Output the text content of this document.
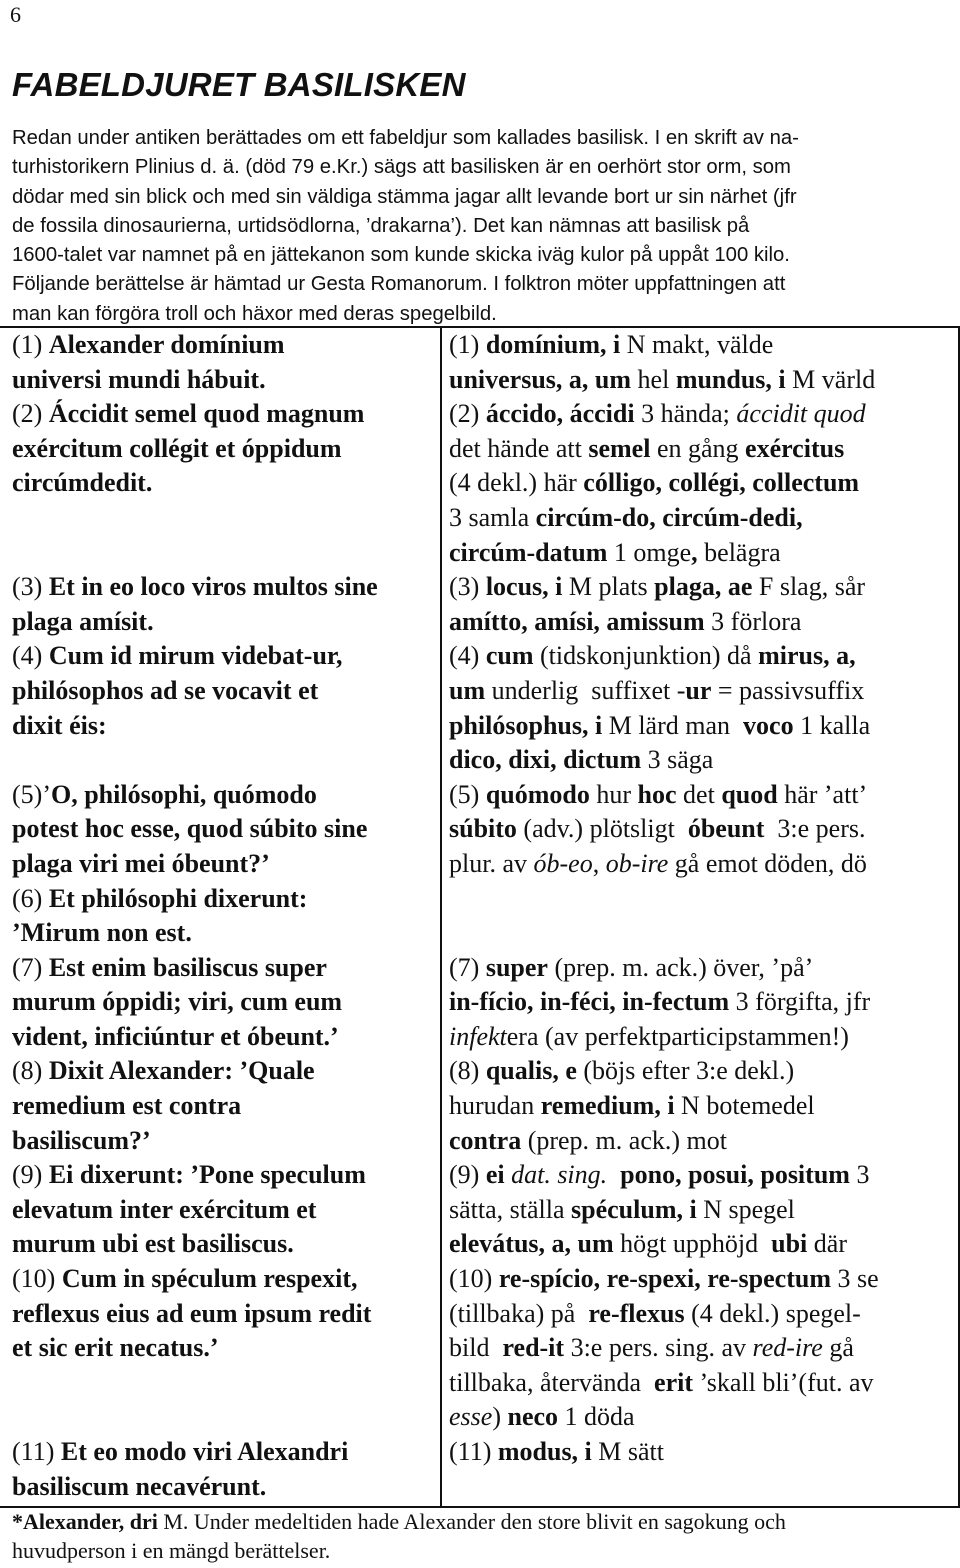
6
FABELDJURET BASILISKEN
Redan under antiken berättades om ett fabeldjur som kallades basilisk. I en skrift av na-
turhistorikern Plinius d. ä. (död 79 e.Kr.) sägs att basilisken är en oerhört stor orm, som
dödar med sin blick och med sin väldiga stämma jagar allt levande bort ur sin närhet (jfr
de fossila dinosaurierna, urtidsödlorna, ’drakarna’). Det kan nämnas att basilisk på
1600-talet var namnet på en jättekanon som kunde skicka iväg kulor på uppåt 100 kilo.
Följande berättelse är hämtad ur Gesta Romanorum. I folktron möter uppfattningen att
man kan förgöra troll och häxor med deras spegelbild.
(1) Alexander domínium
universi mundi hábuit.
(2) Áccidit semel quod magnum
exércitum collégit et óppidum
circúmdedit.
(3) Et in eo loco viros multos sine
plaga amísit.
(4) Cum id mirum videbat-ur,
philósophos ad se vocavit et
dixit éis:
(5)’O, philósophi, quómodo
potest hoc esse, quod súbito sine
plaga viri mei óbeunt?’
(6) Et philósophi dixerunt:
’Mirum non est.
(7) Est enim basiliscus super
murum óppidi; viri, cum eum
vident, inficiúntur et óbeunt.’
(8) Dixit Alexander: ’Quale
remedium est contra
basiliscum?’
(9) Ei dixerunt: ’Pone speculum
elevatum inter exércitum et
murum ubi est basiliscus.
(10) Cum in spéculum respexit,
reflexus eius ad eum ipsum redit
et sic erit necatus.’
(11) Et eo modo viri Alexandri
basiliscum necavérunt.
(1) domínium, i N makt, välde
universus, a, um hel mundus, i M värld
(2) áccido, áccidi 3 hända; áccidit quod
det hände att semel en gång exércitus
(4 dekl.) här cólligo, collégi, collectum
3 samla circúm-do, circúm-dedi,
circúm-datum 1 omge, belägra
(3) locus, i M plats plaga, ae F slag, sår
amítto, amísi, amissum 3 förlora
(4) cum (tidskonjunktion) då mirus, a,
um underlig  suffixet -ur = passivsuffix
philósophus, i M lärd man  voco 1 kalla
dico, dixi, dictum 3 säga
(5) quómodo hur hoc det quod här ’att’
súbito (adv.) plötsligt  óbeunt  3:e pers.
plur. av ób-eo, ob-ire gå emot döden, dö
(7) super (prep. m. ack.) över, ’på’
in-fício, in-féci, in-fectum 3 förgifta, jfr
infektera (av perfektparticipstammen!)
(8) qualis, e (böjs efter 3:e dekl.)
hurudan remedium, i N botemedel
contra (prep. m. ack.) mot
(9) ei dat. sing. pono, posui, positum 3
sätta, ställa spéculum, i N spegel
elevátus, a, um högt upphöjd  ubi där
(10) re-spício, re-spexi, re-spectum 3 se
(tillbaka) på  re-flexus (4 dekl.) spegel-
bild  red-it 3:e pers. sing. av red-ire gå
tillbaka, återvända  erit ’skall bli’(fut. av
esse) neco 1 döda
(11) modus, i M sätt
*Alexander, dri M. Under medeltiden hade Alexander den store blivit en sagokung och
huvudperson i en mängd berättelser.
